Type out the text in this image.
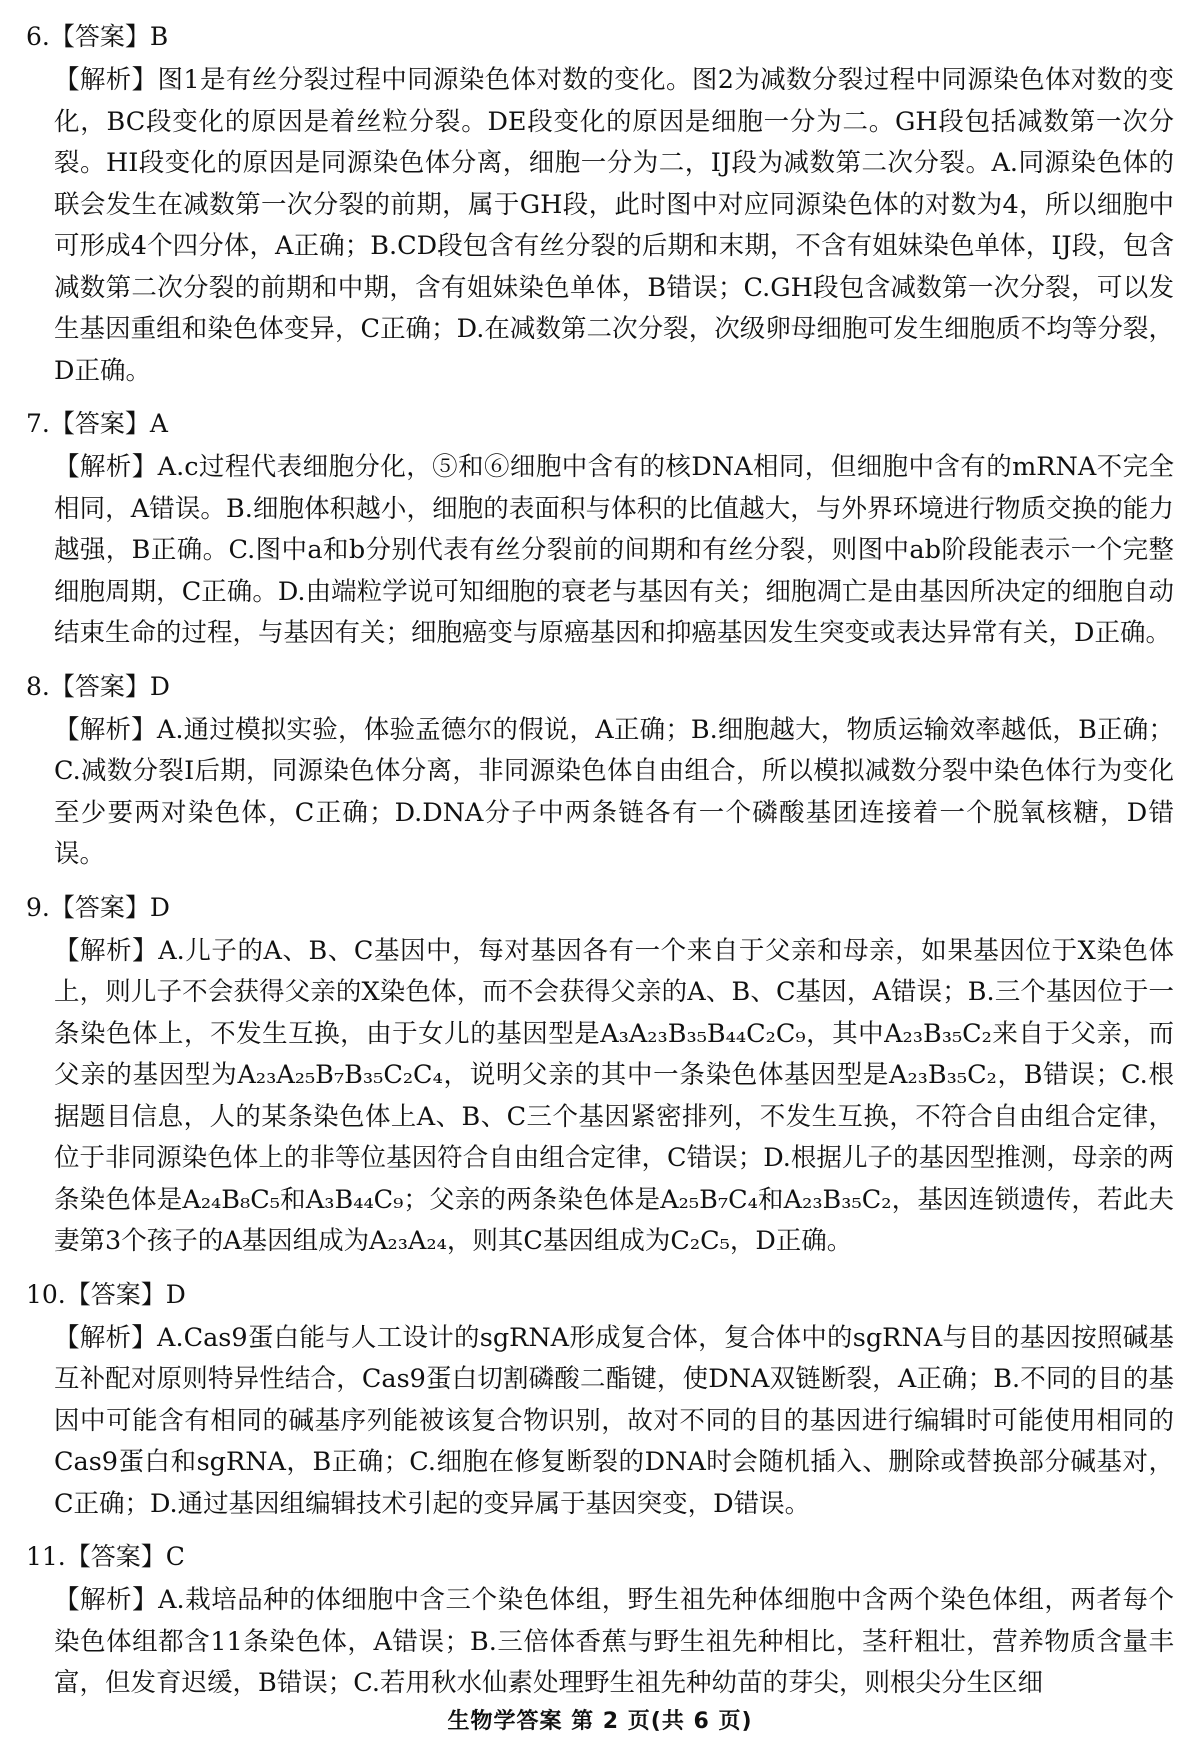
6.【答案】B
【解析】图1是有丝分裂过程中同源染色体对数的变化。图2为减数分裂过程中同源染色体对数的变化，BC段变化的原因是着丝粒分裂。DE段变化的原因是细胞一分为二。GH段包括减数第一次分裂。HI段变化的原因是同源染色体分离，细胞一分为二，IJ段为减数第二次分裂。A.同源染色体的联会发生在减数第一次分裂的前期，属于GH段，此时图中对应同源染色体的对数为4，所以细胞中可形成4个四分体，A正确；B.CD段包含有丝分裂的后期和末期，不含有姐妹染色单体，IJ段，包含减数第二次分裂的前期和中期，含有姐妹染色单体，B错误；C.GH段包含减数第一次分裂，可以发生基因重组和染色体变异，C正确；D.在减数第二次分裂，次级卵母细胞可发生细胞质不均等分裂，D正确。
7.【答案】A
【解析】A.c过程代表细胞分化，⑤和⑥细胞中含有的核DNA相同，但细胞中含有的mRNA不完全相同，A错误。B.细胞体积越小，细胞的表面积与体积的比值越大，与外界环境进行物质交换的能力越强，B正确。C.图中a和b分别代表有丝分裂前的间期和有丝分裂，则图中ab阶段能表示一个完整细胞周期，C正确。D.由端粒学说可知细胞的衰老与基因有关；细胞凋亡是由基因所决定的细胞自动结束生命的过程，与基因有关；细胞癌变与原癌基因和抑癌基因发生突变或表达异常有关，D正确。
8.【答案】D
【解析】A.通过模拟实验，体验孟德尔的假说，A正确；B.细胞越大，物质运输效率越低，B正确；C.减数分裂Ⅰ后期，同源染色体分离，非同源染色体自由组合，所以模拟减数分裂中染色体行为变化至少要两对染色体，C正确；D.DNA分子中两条链各有一个磷酸基团连接着一个脱氧核糖，D错误。
9.【答案】D
【解析】A.儿子的A、B、C基因中，每对基因各有一个来自于父亲和母亲，如果基因位于X染色体上，则儿子不会获得父亲的X染色体，而不会获得父亲的A、B、C基因，A错误；B.三个基因位于一条染色体上，不发生互换，由于女儿的基因型是A₃A₂₃B₃₅B₄₄C₂C₉，其中A₂₃B₃₅C₂来自于父亲，而父亲的基因型为A₂₃A₂₅B₇B₃₅C₂C₄，说明父亲的其中一条染色体基因型是A₂₃B₃₅C₂，B错误；C.根据题目信息，人的某条染色体上A、B、C三个基因紧密排列，不发生互换，不符合自由组合定律，位于非同源染色体上的非等位基因符合自由组合定律，C错误；D.根据儿子的基因型推测，母亲的两条染色体是A₂₄B₈C₅和A₃B₄₄C₉；父亲的两条染色体是A₂₅B₇C₄和A₂₃B₃₅C₂，基因连锁遗传，若此夫妻第3个孩子的A基因组成为A₂₃A₂₄，则其C基因组成为C₂C₅，D正确。
10.【答案】D
【解析】A.Cas9蛋白能与人工设计的sgRNA形成复合体，复合体中的sgRNA与目的基因按照碱基互补配对原则特异性结合，Cas9蛋白切割磷酸二酯键，使DNA双链断裂，A正确；B.不同的目的基因中可能含有相同的碱基序列能被该复合物识别，故对不同的目的基因进行编辑时可能使用相同的Cas9蛋白和sgRNA，B正确；C.细胞在修复断裂的DNA时会随机插入、删除或替换部分碱基对，C正确；D.通过基因组编辑技术引起的变异属于基因突变，D错误。
11.【答案】C
【解析】A.栽培品种的体细胞中含三个染色体组，野生祖先种体细胞中含两个染色体组，两者每个染色体组都含11条染色体，A错误；B.三倍体香蕉与野生祖先种相比，茎秆粗壮，营养物质含量丰富，但发育迟缓，B错误；C.若用秋水仙素处理野生祖先种幼苗的芽尖，则根尖分生区细
生物学答案 第 2 页(共 6 页)
